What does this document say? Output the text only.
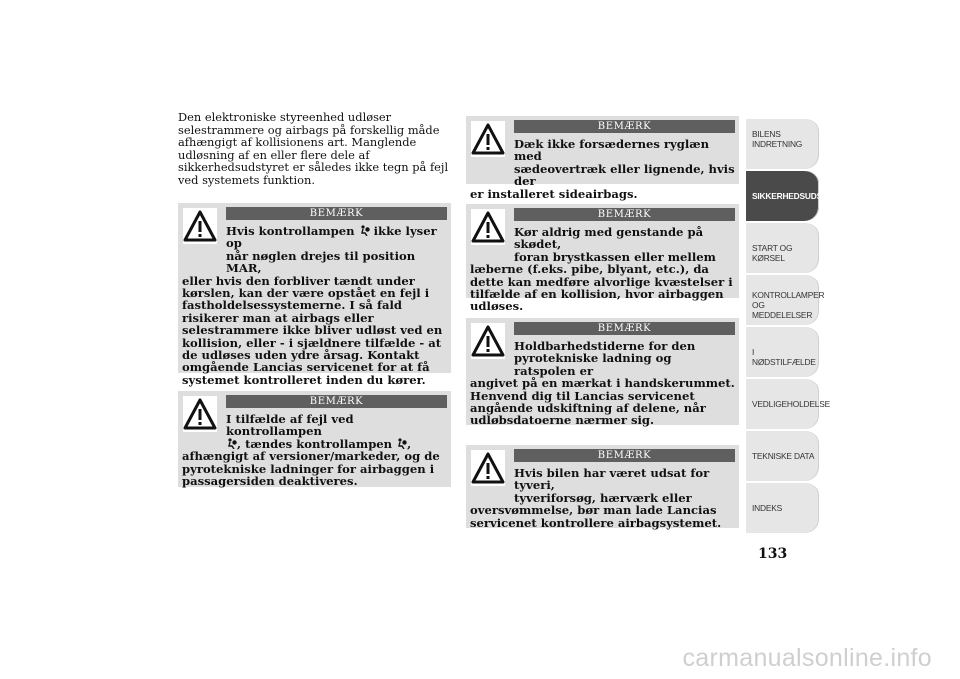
Den elektroniske styreenhed udløser selestrammere og airbags på forskellig måde afhængigt af kollisionens art. Manglende udløsning af en eller flere dele af sikkerhedsudstyret er således ikke tegn på fejl ved systemets funktion.

BEMÆRK
Hvis kontrollampen ikke lyser op
når nøglen drejes til position MAR,
eller hvis den forbliver tændt under kørslen, kan der være opstået en fejl i fastholdelsessystemerne. I så fald risikerer man at airbags eller selestrammere ikke bliver udløst ved en kollision, eller - i sjældnere tilfælde - at de udløses uden ydre årsag. Kontakt omgående Lancias servicenet for at få systemet kontrolleret inden du kører.
BEMÆRK
I tilfælde af fejl ved kontrollampen
, tændes kontrollampen ,
afhængigt af versioner/markeder, og de pyrotekniske ladninger for airbaggen i passagersiden deaktiveres.
BEMÆRK
Dæk ikke forsædernes ryglæn med
sædeovertræk eller lignende, hvis der
er installeret sideairbags.
BEMÆRK
Kør aldrig med genstande på skødet,
foran brystkassen eller mellem
læberne (f.eks. pibe, blyant, etc.), da dette kan medføre alvorlige kvæstelser i tilfælde af en kollision, hvor airbaggen udløses.
BEMÆRK
Holdbarhedstiderne for den
pyrotekniske ladning og ratspolen er
angivet på en mærkat i handskerummet. Henvend dig til Lancias servicenet angående udskiftning af delene, når udløbsdatoerne nærmer sig.
BEMÆRK
Hvis bilen har været udsat for tyveri,
tyveriforsøg, hærværk eller
oversvømmelse, bør man lade Lancias servicenet kontrollere airbagsystemet.
BILENS
INDRETNING
SIKKERHEDSUDSTYR
START OG KØRSEL
KONTROLLAMPER
OG MEDDELELSER
I NØDSTILFÆLDE
VEDLIGEHOLDELSE
TEKNISKE DATA
INDEKS
133
carmanualsonline.info
